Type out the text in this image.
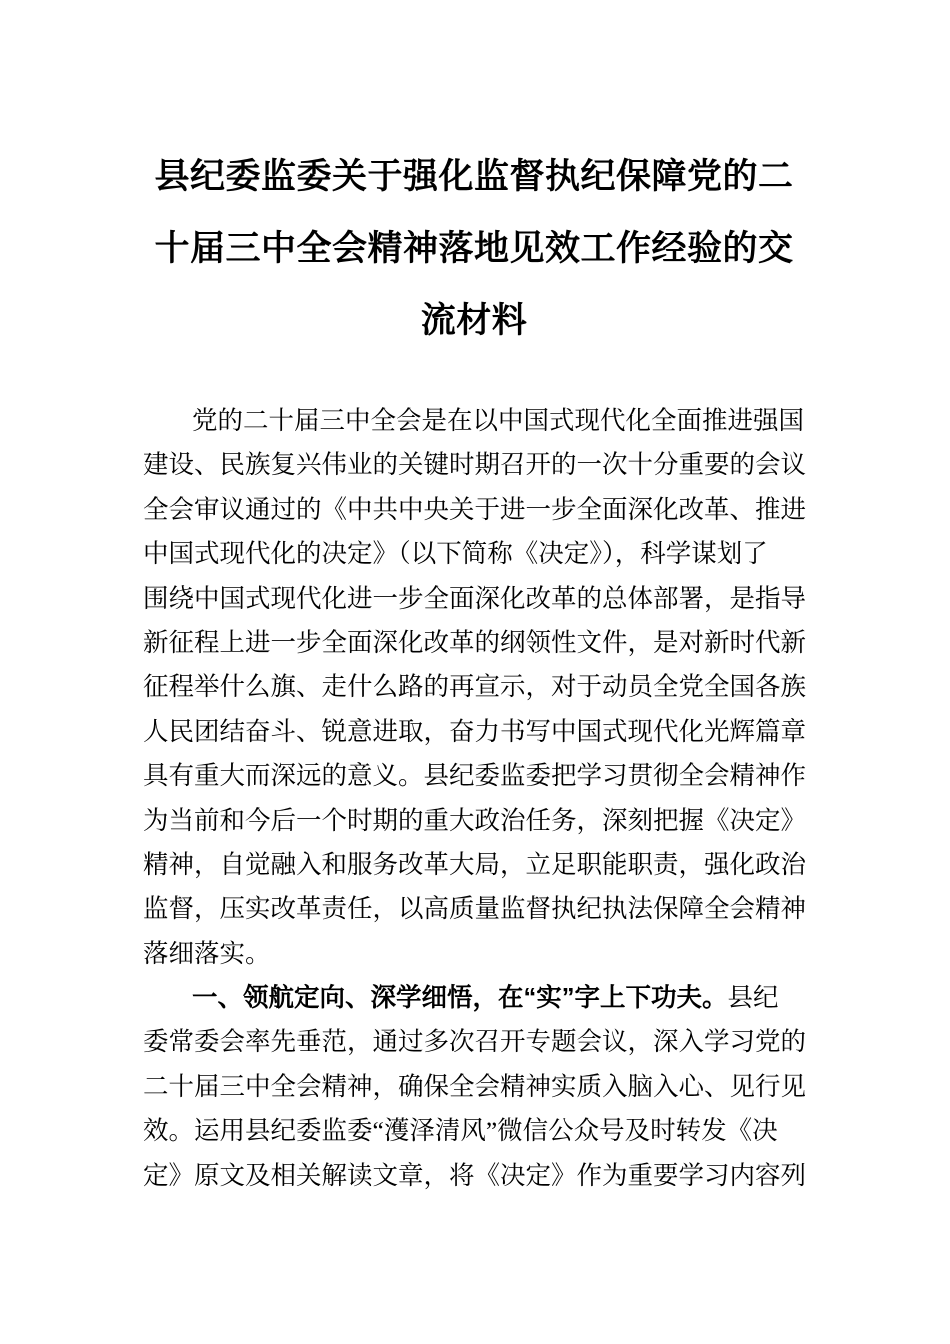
县纪委监委关于强化监督执纪保障党的二
十届三中全会精神落地见效工作经验的交
流材料
党的二十届三中全会是在以中国式现代化全面推进强国
建设、民族复兴伟业的关键时期召开的一次十分重要的会议
全会审议通过的《中共中央关于进一步全面深化改革、推进
中国式现代化的决定》（以下简称《决定》），科学谋划了
围绕中国式现代化进一步全面深化改革的总体部署，是指导
新征程上进一步全面深化改革的纲领性文件，是对新时代新
征程举什么旗、走什么路的再宣示，对于动员全党全国各族
人民团结奋斗、锐意进取，奋力书写中国式现代化光辉篇章
具有重大而深远的意义。县纪委监委把学习贯彻全会精神作
为当前和今后一个时期的重大政治任务，深刻把握《决定》
精神，自觉融入和服务改革大局，立足职能职责，强化政治
监督，压实改革责任，以高质量监督执纪执法保障全会精神
落细落实。
一、领航定向、深学细悟，在“实”字上下功夫。县纪
委常委会率先垂范，通过多次召开专题会议，深入学习党的
二十届三中全会精神，确保全会精神实质入脑入心、见行见
效。运用县纪委监委“濩泽清风”微信公众号及时转发《决
定》原文及相关解读文章，将《决定》作为重要学习内容列
